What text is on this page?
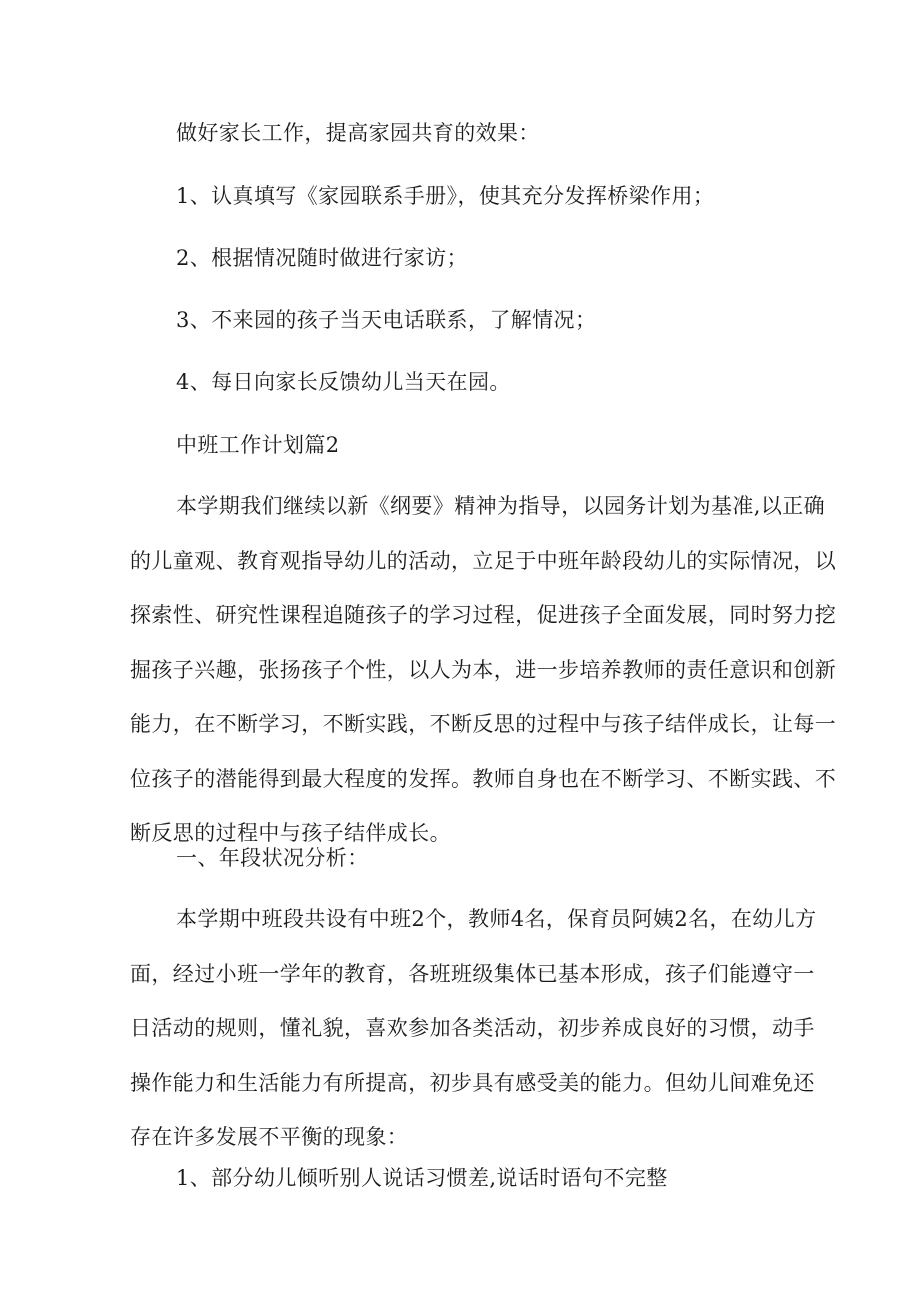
做好家长工作，提高家园共育的效果：
1、认真填写《家园联系手册》，使其充分发挥桥梁作用；
2、根据情况随时做进行家访；
3、不来园的孩子当天电话联系，了解情况；
4、每日向家长反馈幼儿当天在园。
中班工作计划篇2
本学期我们继续以新《纲要》精神为指导，以园务计划为基准,以正确
的儿童观、教育观指导幼儿的活动，立足于中班年龄段幼儿的实际情况，以
探索性、研究性课程追随孩子的学习过程，促进孩子全面发展，同时努力挖
掘孩子兴趣，张扬孩子个性，以人为本，进一步培养教师的责任意识和创新
能力，在不断学习，不断实践，不断反思的过程中与孩子结伴成长，让每一
位孩子的潜能得到最大程度的发挥。教师自身也在不断学习、不断实践、不
断反思的过程中与孩子结伴成长。
一、年段状况分析：
本学期中班段共设有中班2个，教师4名，保育员阿姨2名，在幼儿方
面，经过小班一学年的教育，各班班级集体已基本形成，孩子们能遵守一
日活动的规则，懂礼貌，喜欢参加各类活动，初步养成良好的习惯，动手
操作能力和生活能力有所提高，初步具有感受美的能力。但幼儿间难免还
存在许多发展不平衡的现象：
1、部分幼儿倾听别人说话习惯差,说话时语句不完整
